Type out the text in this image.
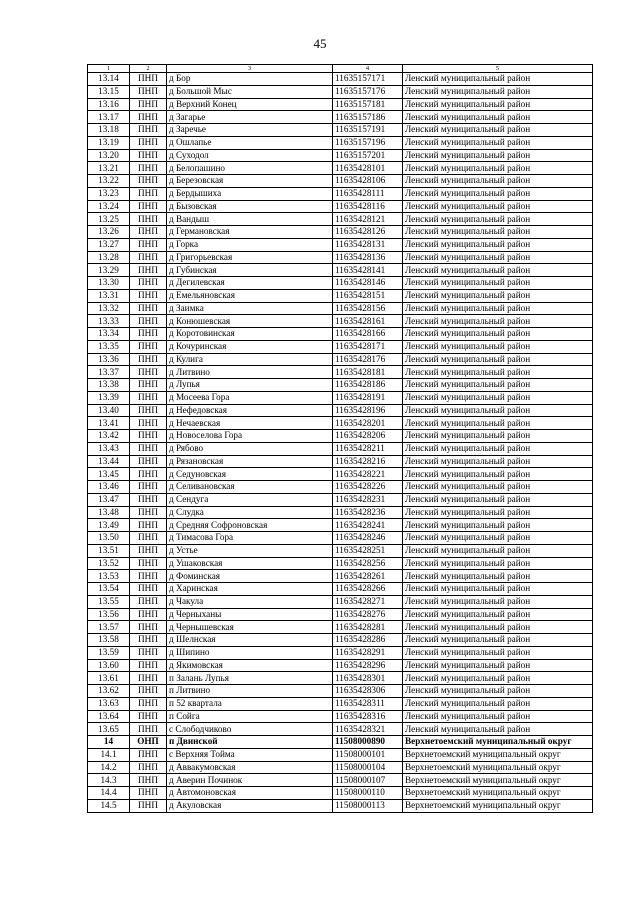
45
1	2	3	4	5
13.14	ПНП	д Бор	11635157171	Ленский муниципальный район
13.15	ПНП	д Большой Мыс	11635157176	Ленский муниципальный район
13.16	ПНП	д Верхний Конец	11635157181	Ленский муниципальный район
13.17	ПНП	д Загарье	11635157186	Ленский муниципальный район
13.18	ПНП	д Заречье	11635157191	Ленский муниципальный район
13.19	ПНП	д Ошлапье	11635157196	Ленский муниципальный район
13.20	ПНП	д Суходол	11635157201	Ленский муниципальный район
13.21	ПНП	д Белопашино	11635428101	Ленский муниципальный район
13.22	ПНП	д Березовская	11635428106	Ленский муниципальный район
13.23	ПНП	д Бердышиха	11635428111	Ленский муниципальный район
13.24	ПНП	д Бызовская	11635428116	Ленский муниципальный район
13.25	ПНП	д Вандыш	11635428121	Ленский муниципальный район
13.26	ПНП	д Германовская	11635428126	Ленский муниципальный район
13.27	ПНП	д Горка	11635428131	Ленский муниципальный район
13.28	ПНП	д Григорьевская	11635428136	Ленский муниципальный район
13.29	ПНП	д Губинская	11635428141	Ленский муниципальный район
13.30	ПНП	д Дегилевская	11635428146	Ленский муниципальный район
13.31	ПНП	д Емельяновская	11635428151	Ленский муниципальный район
13.32	ПНП	д Заимка	11635428156	Ленский муниципальный район
13.33	ПНП	д Конюшевская	11635428161	Ленский муниципальный район
13.34	ПНП	д Коротовинская	11635428166	Ленский муниципальный район
13.35	ПНП	д Кочуринская	11635428171	Ленский муниципальный район
13.36	ПНП	д Кулига	11635428176	Ленский муниципальный район
13.37	ПНП	д Литвино	11635428181	Ленский муниципальный район
13.38	ПНП	д Лупья	11635428186	Ленский муниципальный район
13.39	ПНП	д Мосеева Гора	11635428191	Ленский муниципальный район
13.40	ПНП	д Нефедовская	11635428196	Ленский муниципальный район
13.41	ПНП	д Нечаевская	11635428201	Ленский муниципальный район
13.42	ПНП	д Новоселова Гора	11635428206	Ленский муниципальный район
13.43	ПНП	д Рябово	11635428211	Ленский муниципальный район
13.44	ПНП	д Рязановская	11635428216	Ленский муниципальный район
13.45	ПНП	д Седуновская	11635428221	Ленский муниципальный район
13.46	ПНП	д Селивановская	11635428226	Ленский муниципальный район
13.47	ПНП	д Сендуга	11635428231	Ленский муниципальный район
13.48	ПНП	д Слудка	11635428236	Ленский муниципальный район
13.49	ПНП	д Средняя Софроновская	11635428241	Ленский муниципальный район
13.50	ПНП	д Тимасова Гора	11635428246	Ленский муниципальный район
13.51	ПНП	д Устье	11635428251	Ленский муниципальный район
13.52	ПНП	д Ушаковская	11635428256	Ленский муниципальный район
13.53	ПНП	д Фоминская	11635428261	Ленский муниципальный район
13.54	ПНП	д Харинская	11635428266	Ленский муниципальный район
13.55	ПНП	д Чакула	11635428271	Ленский муниципальный район
13.56	ПНП	д Черныханы	11635428276	Ленский муниципальный район
13.57	ПНП	д Чернышевская	11635428281	Ленский муниципальный район
13.58	ПНП	д Шелнская	11635428286	Ленский муниципальный район
13.59	ПНП	д Шипино	11635428291	Ленский муниципальный район
13.60	ПНП	д Якимовская	11635428296	Ленский муниципальный район
13.61	ПНП	п Залань Лупья	11635428301	Ленский муниципальный район
13.62	ПНП	п Литвино	11635428306	Ленский муниципальный район
13.63	ПНП	п 52 квартала	11635428311	Ленский муниципальный район
13.64	ПНП	п Сойга	11635428316	Ленский муниципальный район
13.65	ПНП	с Слободчиково	11635428321	Ленский муниципальный район
14	ОНП	п Двинской	11508000890	Верхнетоемский муниципальный округ
14.1	ПНП	с Верхняя Тойма	11508000101	Верхнетоемский муниципальный округ
14.2	ПНП	д Аввакумовская	11508000104	Верхнетоемский муниципальный округ
14.3	ПНП	д Аверин Починок	11508000107	Верхнетоемский муниципальный округ
14.4	ПНП	д Автомоновская	11508000110	Верхнетоемский муниципальный округ
14.5	ПНП	д Акуловская	11508000113	Верхнетоемский муниципальный округ
